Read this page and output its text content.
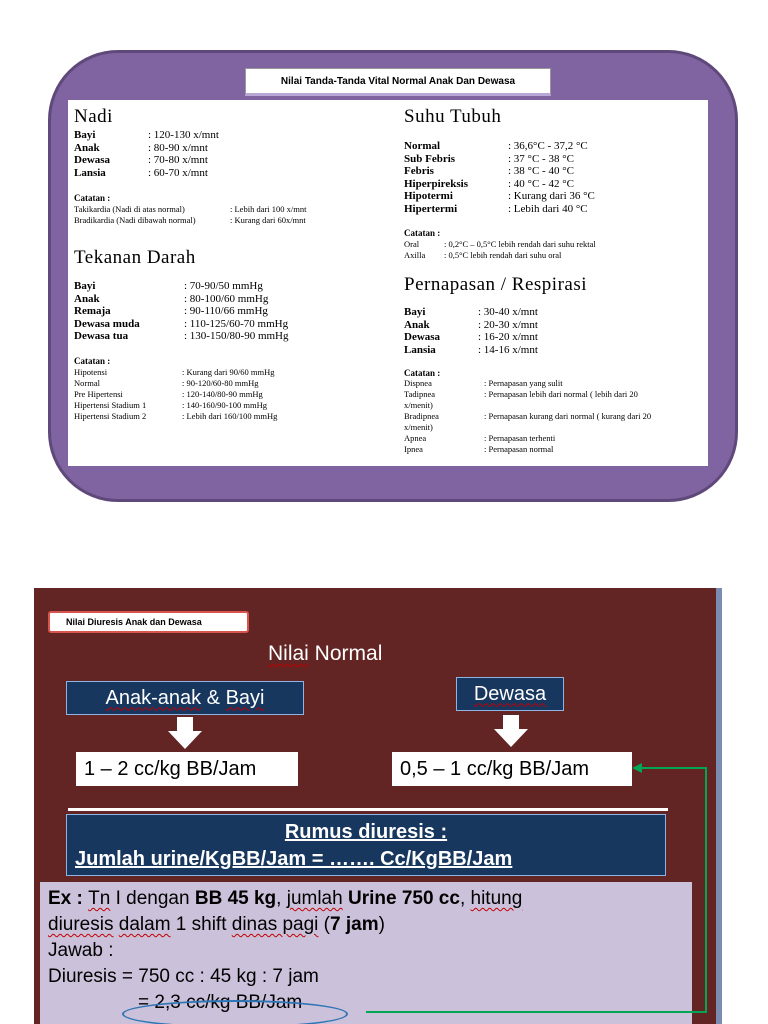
Nilai Tanda-Tanda Vital Normal Anak Dan Dewasa
Nadi
Bayi	: 120-130 x/mnt
Anak	: 80-90 x/mnt
Dewasa	: 70-80 x/mnt
Lansia	: 60-70 x/mnt
Catatan :
Takikardia (Nadi di atas normal)	: Lebih dari 100 x/mnt
Bradikardia (Nadi dibawah normal)	: Kurang dari 60x/mnt
Tekanan Darah
Bayi	: 70-90/50 mmHg
Anak	: 80-100/60 mmHg
Remaja	: 90-110/66 mmHg
Dewasa muda	: 110-125/60-70 mmHg
Dewasa tua	: 130-150/80-90 mmHg
Catatan :
Hipotensi	: Kurang dari 90/60 mmHg
Normal	: 90-120/60-80 mmHg
Pre Hipertensi	: 120-140/80-90 mmHg
Hipertensi Stadium 1	: 140-160/90-100 mmHg
Hipertensi Stadium 2	: Lebih dari 160/100 mmHg
Suhu Tubuh
Normal	: 36,6°C - 37,2 °C
Sub Febris	: 37 °C - 38 °C
Febris	: 38 °C - 40 °C
Hiperpireksis	: 40 °C - 42 °C
Hipotermi	: Kurang dari 36 °C
Hipertermi	: Lebih dari 40 °C
Catatan :
Oral	: 0,2°C – 0,5°C lebih rendah dari suhu rektal
Axilla	: 0,5°C lebih rendah dari suhu oral
Pernapasan / Respirasi
Bayi	: 30-40 x/mnt
Anak	: 20-30 x/mnt
Dewasa	: 16-20 x/mnt
Lansia	: 14-16 x/mnt
Catatan :
Dispnea	: Pernapasan yang sulit
Tadipnea	: Pernapasan lebih dari normal ( lebih dari 20
x/menit)
Bradipnea	: Pernapasan kurang dari normal ( kurang dari 20
x/menit)
Apnea	: Pernapasan terhenti
Ipnea	: Pernapasan normal
Nilai Diuresis Anak dan Dewasa
Nilai Normal
Anak-anak & Bayi	Dewasa
1 – 2 cc/kg BB/Jam	0,5 – 1 cc/kg BB/Jam
Rumus diuresis :
Jumlah urine/KgBB/Jam = ……. Cc/KgBB/Jam
Ex : Tn I dengan BB 45 kg, jumlah Urine 750 cc, hitung
diuresis dalam 1 shift dinas pagi (7 jam)
Jawab :
Diuresis = 750 cc : 45 kg : 7 jam
= 2,3 cc/kg BB/Jam
